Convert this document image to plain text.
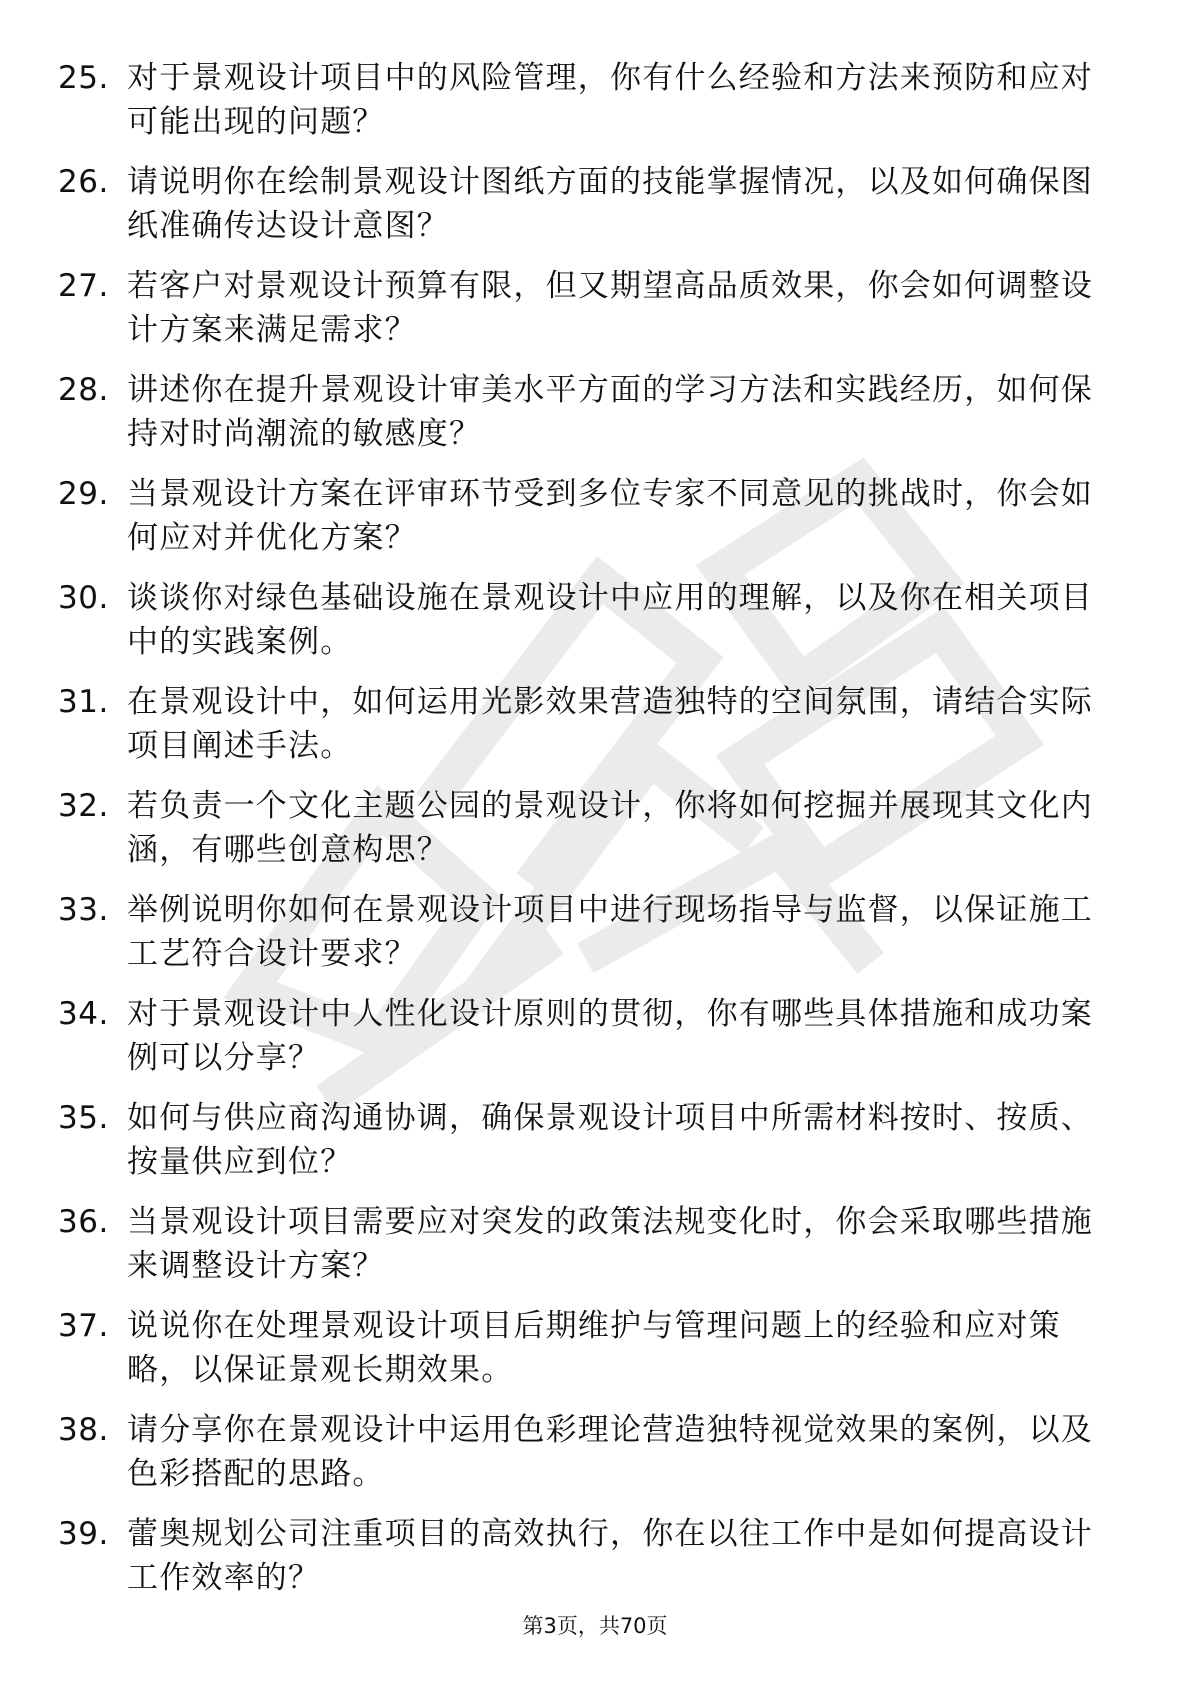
25. 对于景观设计项目中的风险管理，你有什么经验和方法来预防和应对可能出现的问题？
26. 请说明你在绘制景观设计图纸方面的技能掌握情况，以及如何确保图纸准确传达设计意图？
27. 若客户对景观设计预算有限，但又期望高品质效果，你会如何调整设计方案来满足需求？
28. 讲述你在提升景观设计审美水平方面的学习方法和实践经历，如何保持对时尚潮流的敏感度？
29. 当景观设计方案在评审环节受到多位专家不同意见的挑战时，你会如何应对并优化方案？
30. 谈谈你对绿色基础设施在景观设计中应用的理解，以及你在相关项目中的实践案例。
31. 在景观设计中，如何运用光影效果营造独特的空间氛围，请结合实际项目阐述手法。
32. 若负责一个文化主题公园的景观设计，你将如何挖掘并展现其文化内涵，有哪些创意构思？
33. 举例说明你如何在景观设计项目中进行现场指导与监督，以保证施工工艺符合设计要求？
34. 对于景观设计中人性化设计原则的贯彻，你有哪些具体措施和成功案例可以分享？
35. 如何与供应商沟通协调，确保景观设计项目中所需材料按时、按质、按量供应到位？
36. 当景观设计项目需要应对突发的政策法规变化时，你会采取哪些措施来调整设计方案？
37. 说说你在处理景观设计项目后期维护与管理问题上的经验和应对策略，以保证景观长期效果。
38. 请分享你在景观设计中运用色彩理论营造独特视觉效果的案例，以及色彩搭配的思路。
39. 蕾奥规划公司注重项目的高效执行，你在以往工作中是如何提高设计工作效率的？
第3页，共70页
